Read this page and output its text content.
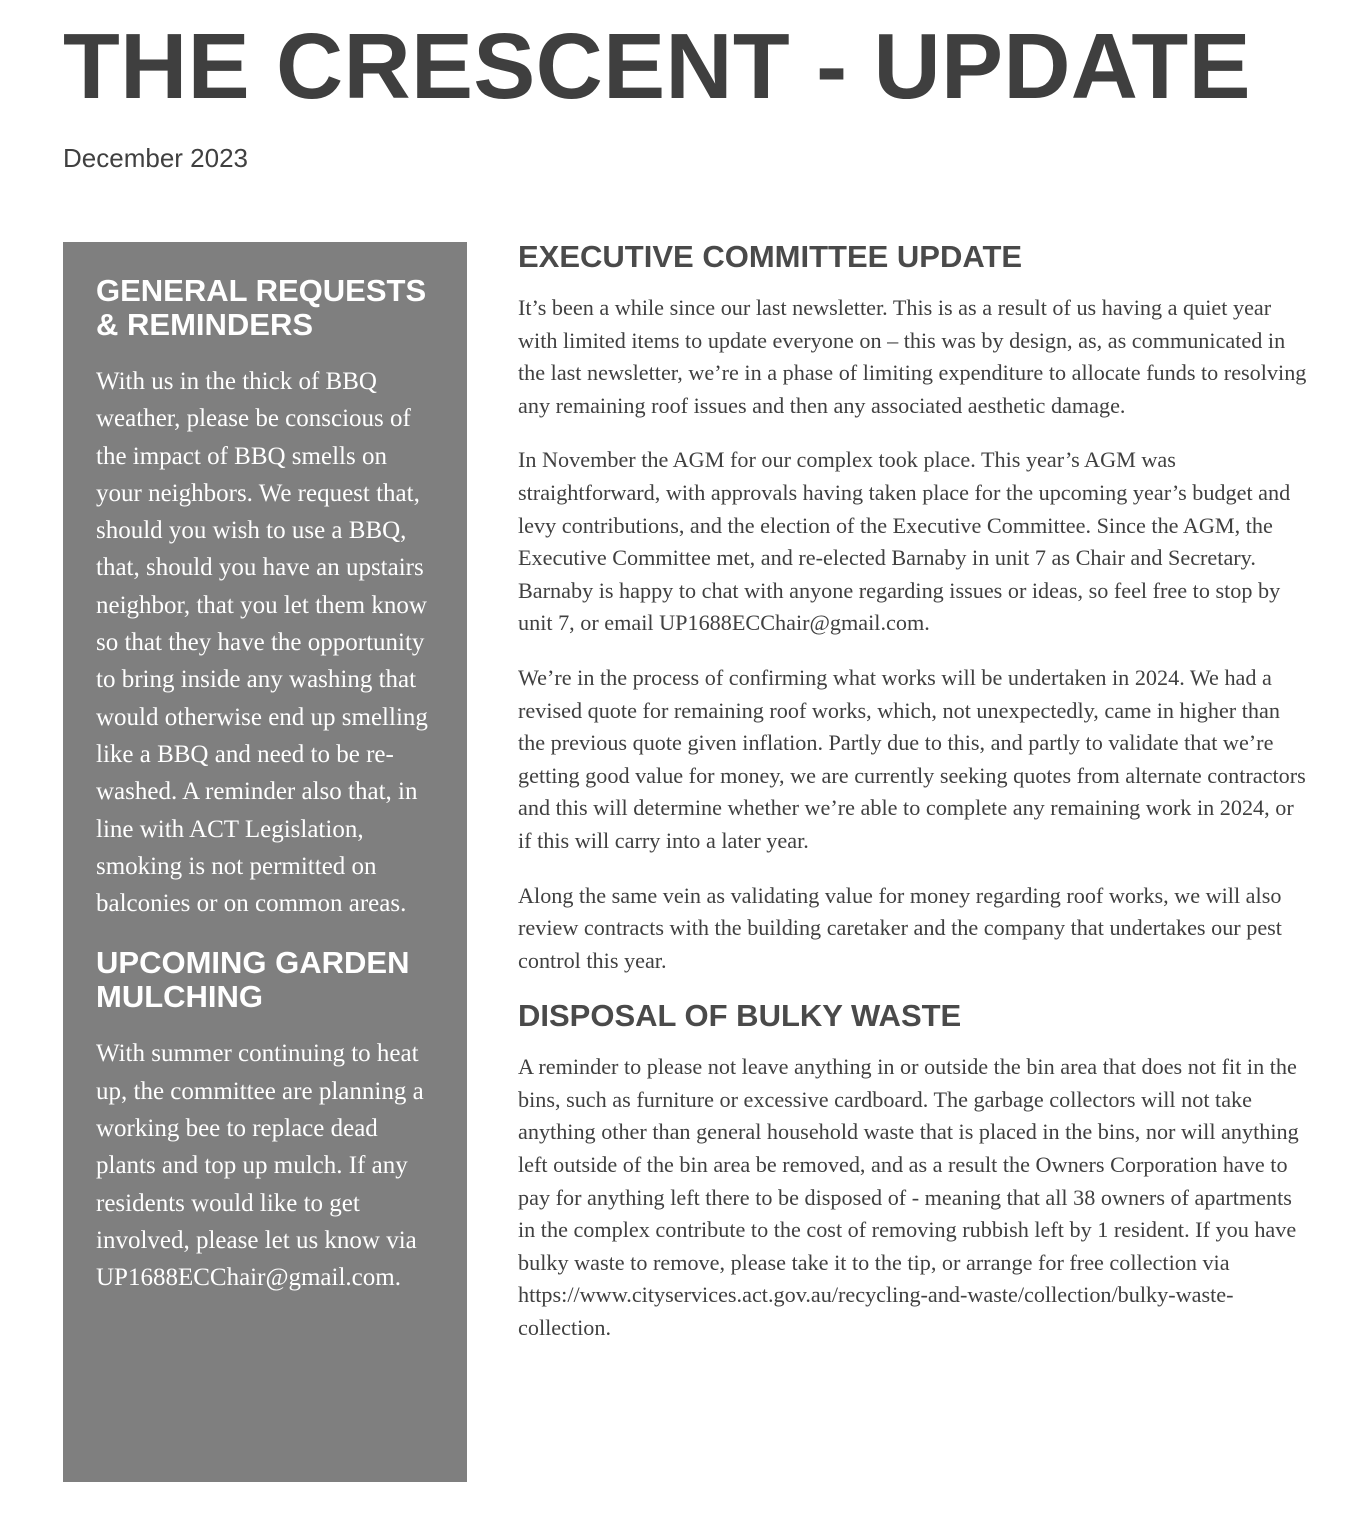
THE CRESCENT - UPDATE

December 2023

GENERAL REQUESTS & REMINDERS

With us in the thick of BBQ weather, please be conscious of the impact of BBQ smells on your neighbors. We request that, should you wish to use a BBQ, that, should you have an upstairs neighbor, that you let them know so that they have the opportunity to bring inside any washing that would otherwise end up smelling like a BBQ and need to be re-washed. A reminder also that, in line with ACT Legislation, smoking is not permitted on balconies or on common areas.

UPCOMING GARDEN MULCHING

With summer continuing to heat up, the committee are planning a working bee to replace dead plants and top up mulch. If any residents would like to get involved, please let us know via UP1688ECChair@gmail.com.

EXECUTIVE COMMITTEE UPDATE

It’s been a while since our last newsletter. This is as a result of us having a quiet year with limited items to update everyone on – this was by design, as, as communicated in the last newsletter, we’re in a phase of limiting expenditure to allocate funds to resolving any remaining roof issues and then any associated aesthetic damage.

In November the AGM for our complex took place. This year’s AGM was straightforward, with approvals having taken place for the upcoming year’s budget and levy contributions, and the election of the Executive Committee. Since the AGM, the Executive Committee met, and re-elected Barnaby in unit 7 as Chair and Secretary. Barnaby is happy to chat with anyone regarding issues or ideas, so feel free to stop by unit 7, or email UP1688ECChair@gmail.com.

We’re in the process of confirming what works will be undertaken in 2024. We had a revised quote for remaining roof works, which, not unexpectedly, came in higher than the previous quote given inflation. Partly due to this, and partly to validate that we’re getting good value for money, we are currently seeking quotes from alternate contractors and this will determine whether we’re able to complete any remaining work in 2024, or if this will carry into a later year.

Along the same vein as validating value for money regarding roof works, we will also review contracts with the building caretaker and the company that undertakes our pest control this year.

DISPOSAL OF BULKY WASTE

A reminder to please not leave anything in or outside the bin area that does not fit in the bins, such as furniture or excessive cardboard. The garbage collectors will not take anything other than general household waste that is placed in the bins, nor will anything left outside of the bin area be removed, and as a result the Owners Corporation have to pay for anything left there to be disposed of - meaning that all 38 owners of apartments in the complex contribute to the cost of removing rubbish left by 1 resident. If you have bulky waste to remove, please take it to the tip, or arrange for free collection via https://www.cityservices.act.gov.au/recycling-and-waste/collection/bulky-waste-collection.
